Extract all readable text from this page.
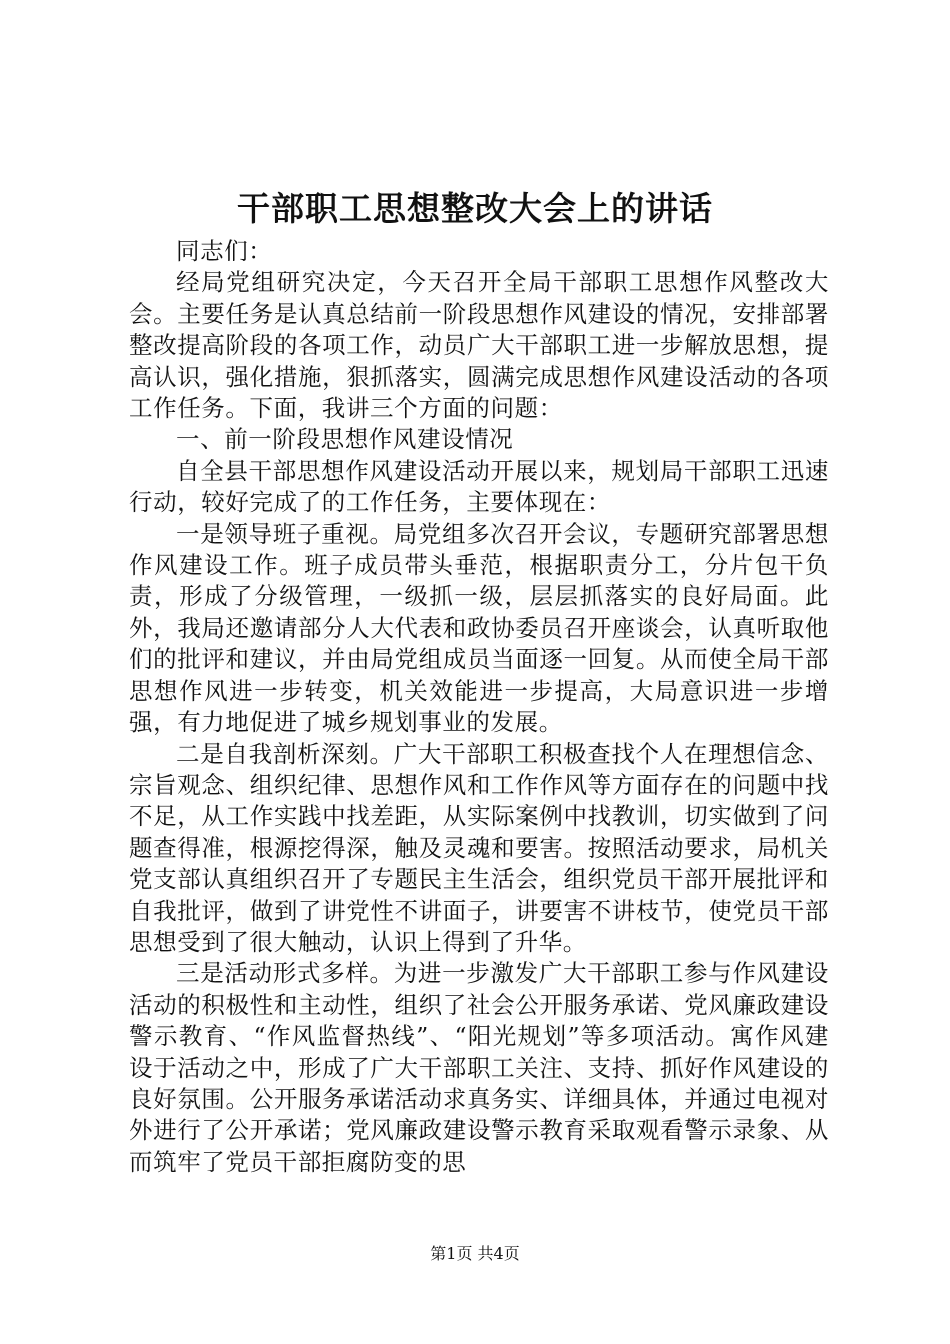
干部职工思想整改大会上的讲话

同志们：

经局党组研究决定，今天召开全局干部职工思想作风整改大会。主要任务是认真总结前一阶段思想作风建设的情况，安排部署整改提高阶段的各项工作，动员广大干部职工进一步解放思想，提高认识，强化措施，狠抓落实，圆满完成思想作风建设活动的各项工作任务。下面，我讲三个方面的问题：

一、前一阶段思想作风建设情况

自全县干部思想作风建设活动开展以来，规划局干部职工迅速行动，较好完成了的工作任务，主要体现在：

一是领导班子重视。局党组多次召开会议，专题研究部署思想作风建设工作。班子成员带头垂范，根据职责分工，分片包干负责，形成了分级管理，一级抓一级，层层抓落实的良好局面。此外，我局还邀请部分人大代表和政协委员召开座谈会，认真听取他们的批评和建议，并由局党组成员当面逐一回复。从而使全局干部思想作风进一步转变，机关效能进一步提高，大局意识进一步增强，有力地促进了城乡规划事业的发展。

二是自我剖析深刻。广大干部职工积极查找个人在理想信念、宗旨观念、组织纪律、思想作风和工作作风等方面存在的问题中找不足，从工作实践中找差距，从实际案例中找教训，切实做到了问题查得准，根源挖得深，触及灵魂和要害。按照活动要求，局机关党支部认真组织召开了专题民主生活会，组织党员干部开展批评和自我批评，做到了讲党性不讲面子，讲要害不讲枝节，使党员干部思想受到了很大触动，认识上得到了升华。

三是活动形式多样。为进一步激发广大干部职工参与作风建设活动的积极性和主动性，组织了社会公开服务承诺、党风廉政建设警示教育、“作风监督热线”、“阳光规划”等多项活动。寓作风建设于活动之中，形成了广大干部职工关注、支持、抓好作风建设的良好氛围。公开服务承诺活动求真务实、详细具体，并通过电视对外进行了公开承诺；党风廉政建设警示教育采取观看警示录象、从而筑牢了党员干部拒腐防变的思

第1页 共4页
